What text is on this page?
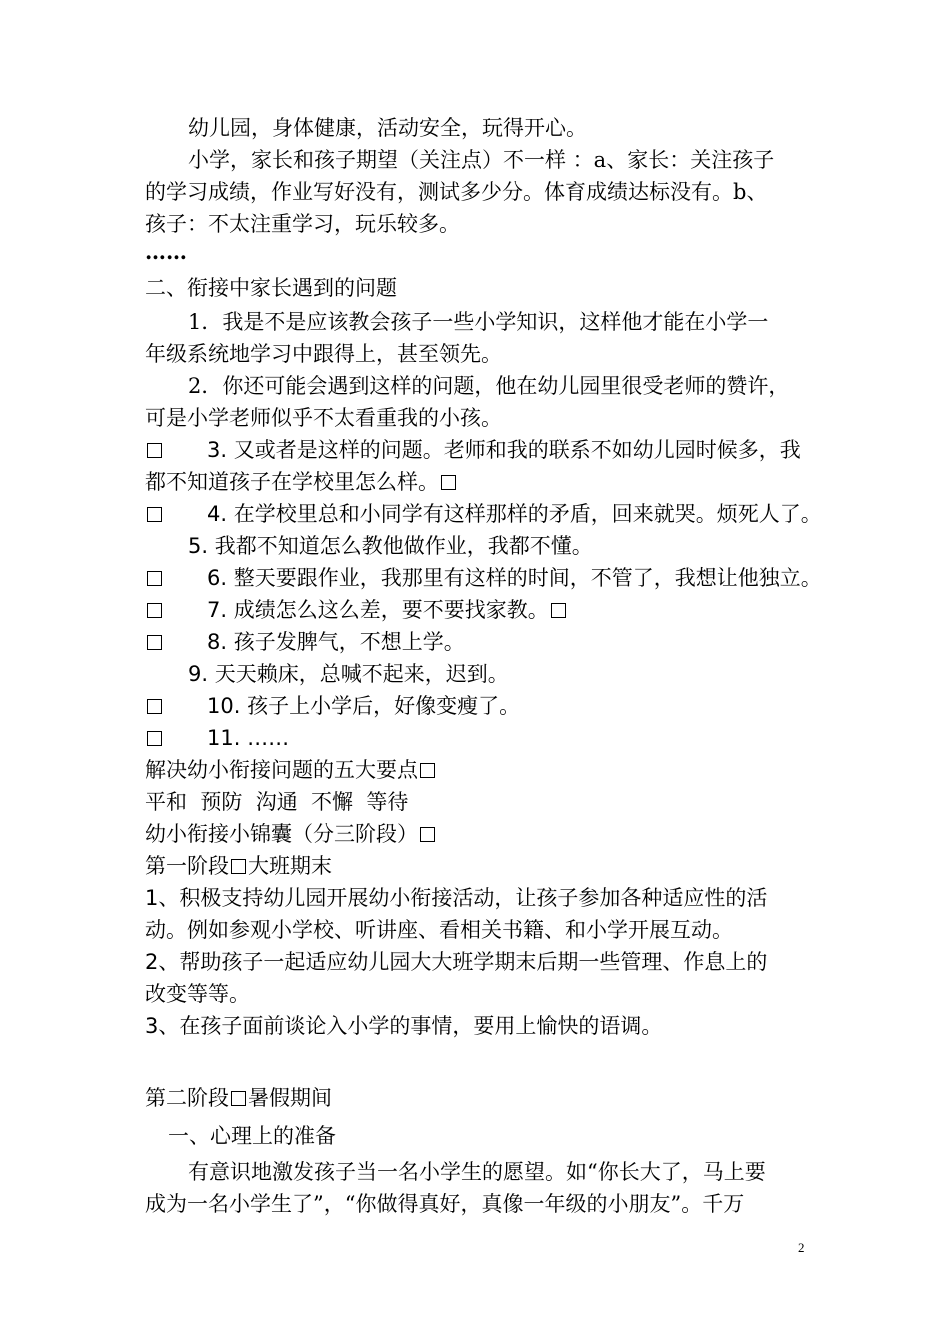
幼儿园，身体健康，活动安全，玩得开心。
小学，家长和孩子期望（关注点）不一样 ：a、家长：关注孩子
的学习成绩，作业写好没有，测试多少分。体育成绩达标没有。b、
孩子：不太注重学习，玩乐较多。
……
二、衔接中家长遇到的问题
1．我是不是应该教会孩子一些小学知识，这样他才能在小学一
年级系统地学习中跟得上，甚至领先。
2．你还可能会遇到这样的问题，他在幼儿园里很受老师的赞许，
可是小学老师似乎不太看重我的小孩。
3. 又或者是这样的问题。老师和我的联系不如幼儿园时候多，我
都不知道孩子在学校里怎么样。
4. 在学校里总和小同学有这样那样的矛盾，回来就哭。烦死人了。
5. 我都不知道怎么教他做作业，我都不懂。
6. 整天要跟作业，我那里有这样的时间，不管了，我想让他独立。
7. 成绩怎么这么差，要不要找家教。
8. 孩子发脾气，不想上学。
9. 天天赖床，总喊不起来，迟到。
10. 孩子上小学后，好像变瘦了。
11. ……
解决幼小衔接问题的五大要点
平和  预防  沟通  不懈  等待
幼小衔接小锦囊（分三阶段）
第一阶段 大班期末
1、积极支持幼儿园开展幼小衔接活动，让孩子参加各种适应性的活
动。例如参观小学校、听讲座、看相关书籍、和小学开展互动。
2、帮助孩子一起适应幼儿园大大班学期末后期一些管理、作息上的
改变等等。
3、在孩子面前谈论入小学的事情，要用上愉快的语调。
第二阶段 暑假期间
一、心理上的准备
有意识地激发孩子当一名小学生的愿望。如“你长大了，马上要
成为一名小学生了”，“你做得真好，真像一年级的小朋友”。千万
2
